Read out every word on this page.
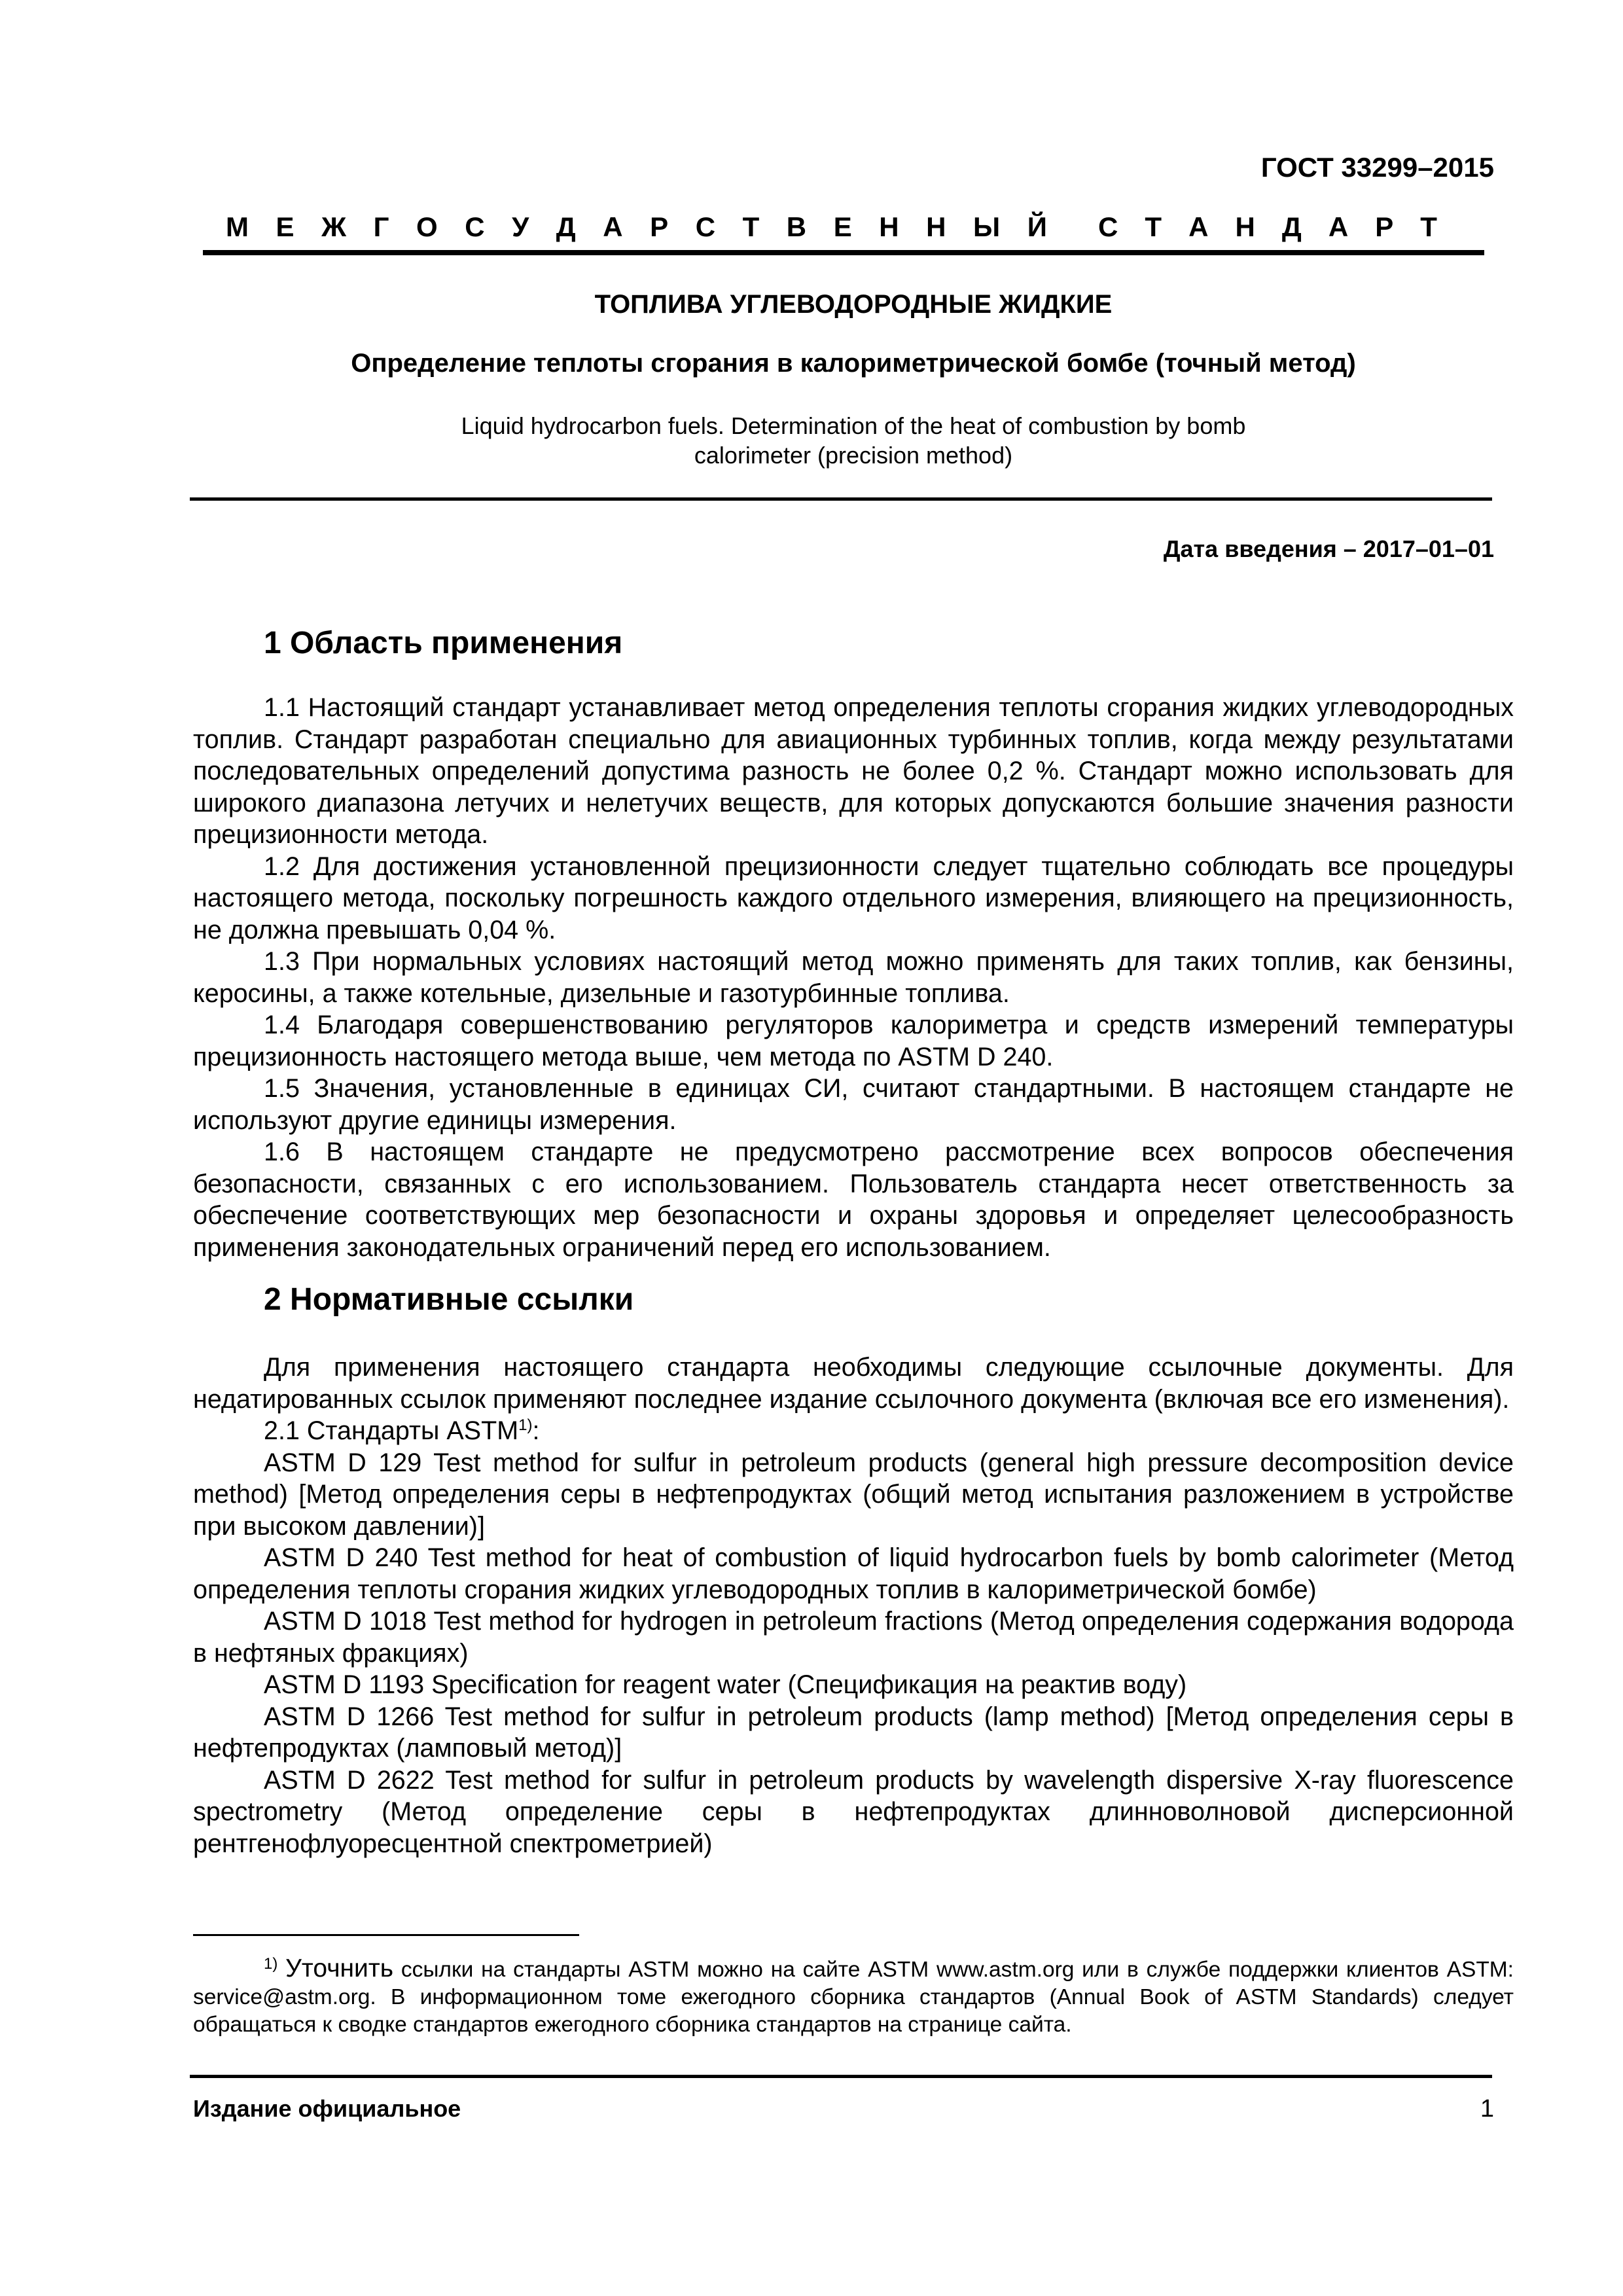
ГОСТ 33299–2015
М Е Ж Г О С У Д А Р С Т В Е Н Н Ы Й С Т А Н Д А Р Т
ТОПЛИВА УГЛЕВОДОРОДНЫЕ ЖИДКИЕ
Определение теплоты сгорания в калориметрической бомбе (точный метод)
Liquid hydrocarbon fuels. Determination of the heat of combustion by bomb
calorimeter (precision method)
Дата введения – 2017–01–01
1 Область применения

1.1 Настоящий стандарт устанавливает метод определения теплоты сгорания жидких углеводородных топлив. Стандарт разработан специально для авиационных турбинных топлив, когда между результатами последовательных определений допустима разность не более 0,2 %. Стандарт можно использовать для широкого диапазона летучих и нелетучих веществ, для которых допускаются большие значения разности прецизионности метода.

1.2 Для достижения установленной прецизионности следует тщательно соблюдать все процедуры настоящего метода, поскольку погрешность каждого отдельного измерения, влияющего на прецизионность, не должна превышать 0,04 %.

1.3 При нормальных условиях настоящий метод можно применять для таких топлив, как бензины, керосины, а также котельные, дизельные и газотурбинные топлива.

1.4 Благодаря совершенствованию регуляторов калориметра и средств измерений температуры прецизионность настоящего метода выше, чем метода по ASTM D 240.

1.5 Значения, установленные в единицах СИ, считают стандартными. В настоящем стандарте не используют другие единицы измерения.

1.6 В настоящем стандарте не предусмотрено рассмотрение всех вопросов обеспечения безопасности, связанных с его использованием. Пользователь стандарта несет ответственность за обеспечение соответствующих мер безопасности и охраны здоровья и определяет целесообразность применения законодательных ограничений перед его использованием.

2 Нормативные ссылки

Для применения настоящего стандарта необходимы следующие ссылочные документы. Для недатированных ссылок применяют последнее издание ссылочного документа (включая все его изменения).

2.1 Стандарты ASTM$^{1)}$:

ASTM D 129 Test method for sulfur in petroleum products (general high pressure decomposition device method) [Метод определения серы в нефтепродуктах (общий метод испытания разложением в устройстве при высоком давлении)]

ASTM D 240 Test method for heat of combustion of liquid hydrocarbon fuels by bomb calorimeter (Метод определения теплоты сгорания жидких углеводородных топлив в калориметрической бомбе)

ASTM D 1018 Test method for hydrogen in petroleum fractions (Метод определения содержания водорода в нефтяных фракциях)

ASTM D 1193 Specification for reagent water (Спецификация на реактив воду)

ASTM D 1266 Test method for sulfur in petroleum products (lamp method) [Метод определения серы в нефтепродуктах (ламповый метод)]

ASTM D 2622 Test method for sulfur in petroleum products by wavelength dispersive X-ray fluorescence spectrometry (Метод определение серы в нефтепродуктах длинноволновой дисперсионной рентгенофлуоресцентной спектрометрией)

$^{1)}$ Уточнить ссылки на стандарты ASTM можно на сайте ASTM www.astm.org или в службе поддержки клиентов ASTM: service@astm.org. В информационном томе ежегодного сборника стандартов (Annual Book of ASTM Standards) следует обращаться к сводке стандартов ежегодного сборника стандартов на странице сайта.

Издание официальное	1
